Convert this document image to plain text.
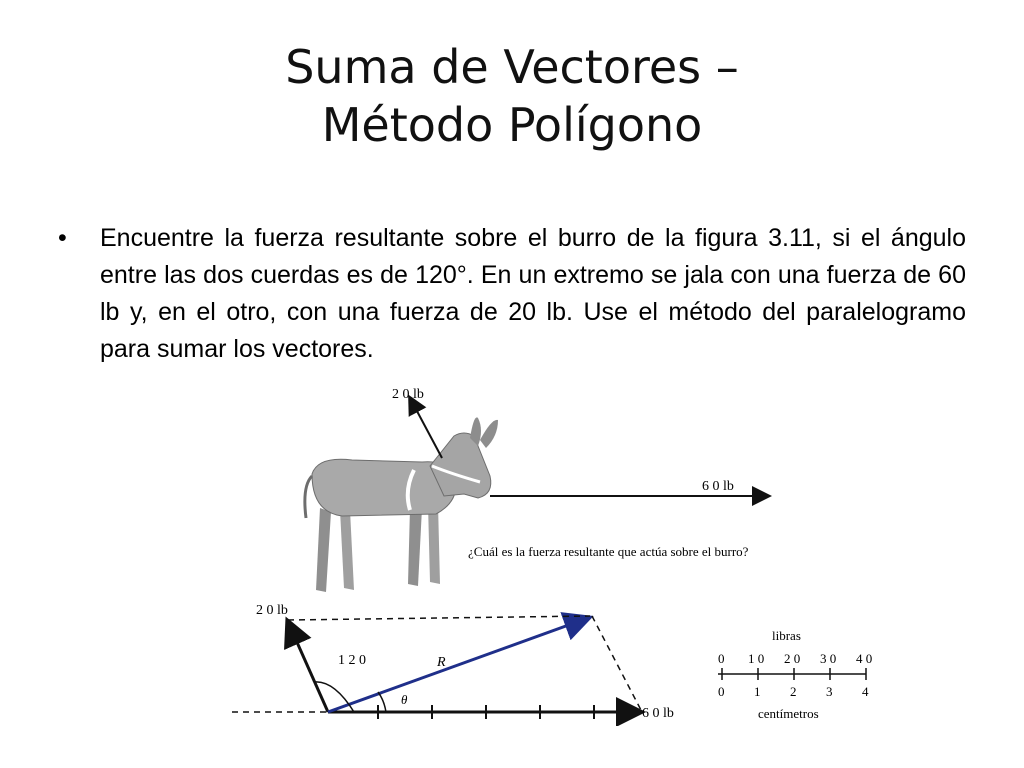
Suma de Vectores –
Método Polígono
• Encuentre la fuerza resultante sobre el burro de la figura 3.11, si el ángulo entre las dos cuerdas es de 120°. En un extremo se jala con una fuerza de 60 lb y, en el otro, con una fuerza de 20 lb. Use el método del paralelogramo para sumar los vectores.
2 0 lb
6 0 lb
¿Cuál es la fuerza resultante que actúa sobre el burro?
2 0 lb
6 0 lb
1 2 0	R
θ
libras
0 1 0 2 0 3 0 4 0
0 1 2 3 4
centímetros
